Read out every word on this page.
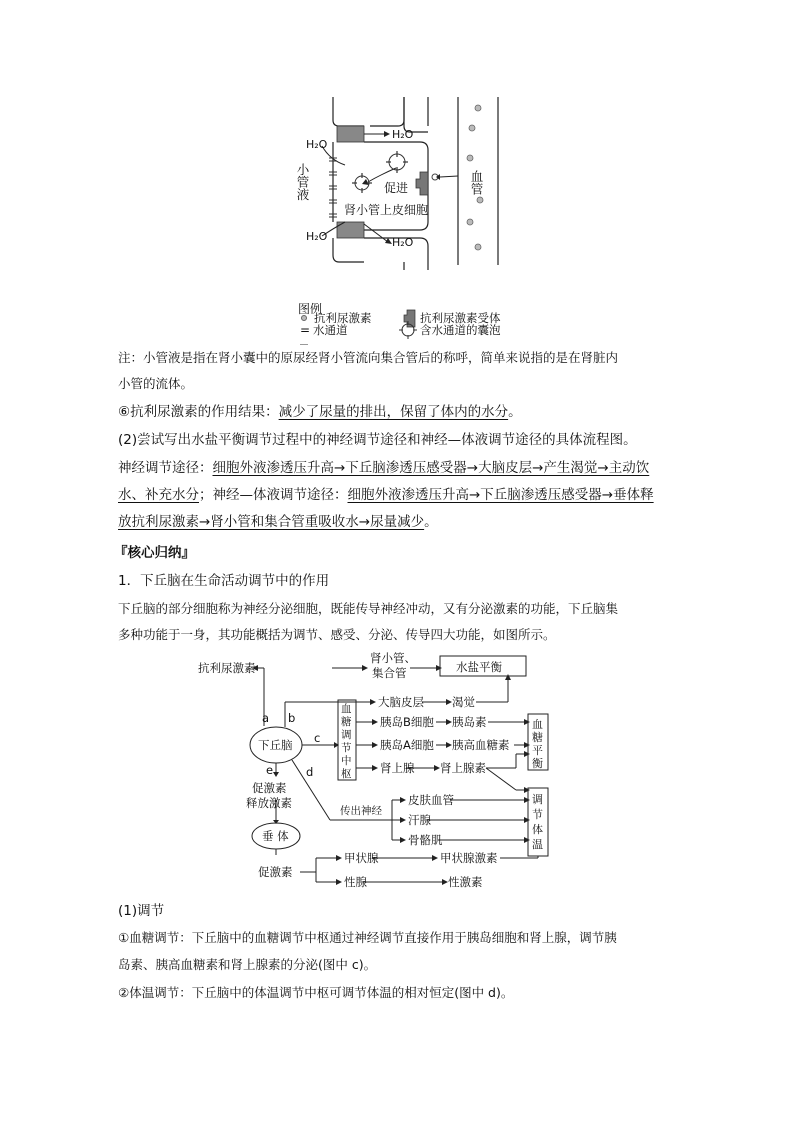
H₂O
H₂O
H₂O	H₂O
促进
肾小管上皮细胞
图例
抗利尿激素	抗利尿激素受体
小管液	血管
= 水通道	含水通道的囊泡
注：小管液是指在肾小囊中的原尿经肾小管流向集合管后的称呼，简单来说指的是在肾脏内
小管的流体。
⑥抗利尿激素的作用结果：减少了尿量的排出，保留了体内的水分。
(2)尝试写出水盐平衡调节过程中的神经调节途径和神经—体液调节途径的具体流程图。
神经调节途径：细胞外液渗透压升高→下丘脑渗透压感受器→大脑皮层→产生渴觉→主动饮
水、补充水分；神经—体液调节途径：细胞外液渗透压升高→下丘脑渗透压感受器→垂体释
放抗利尿激素→肾小管和集合管重吸收水→尿量减少。
『核心归纳』
1．下丘脑在生命活动调节中的作用
下丘脑的部分细胞称为神经分泌细胞，既能传导神经冲动，又有分泌激素的功能，下丘脑集
多种功能于一身，其功能概括为调节、感受、分泌、传导四大功能，如图所示。
抗利尿激素
肾小管、
集合管	水盐平衡
大脑皮层 渴觉
下丘脑
胰岛B细胞 胰岛素
胰岛A细胞 胰高血糖素
肾上腺 肾上腺素
促激素
释放激素
传出神经
皮肤血管
汗腺
骨骼肌
垂 体
促激素
甲状腺	甲状腺激素
性腺	性激素
a b
c
d
e
血
糖
调
节
中
枢
血
糖
平
衡
调
节
体
温
(1)调节
①血糖调节：下丘脑中的血糖调节中枢通过神经调节直接作用于胰岛细胞和肾上腺，调节胰
岛素、胰高血糖素和肾上腺素的分泌(图中 c)。
②体温调节：下丘脑中的体温调节中枢可调节体温的相对恒定(图中 d)。
